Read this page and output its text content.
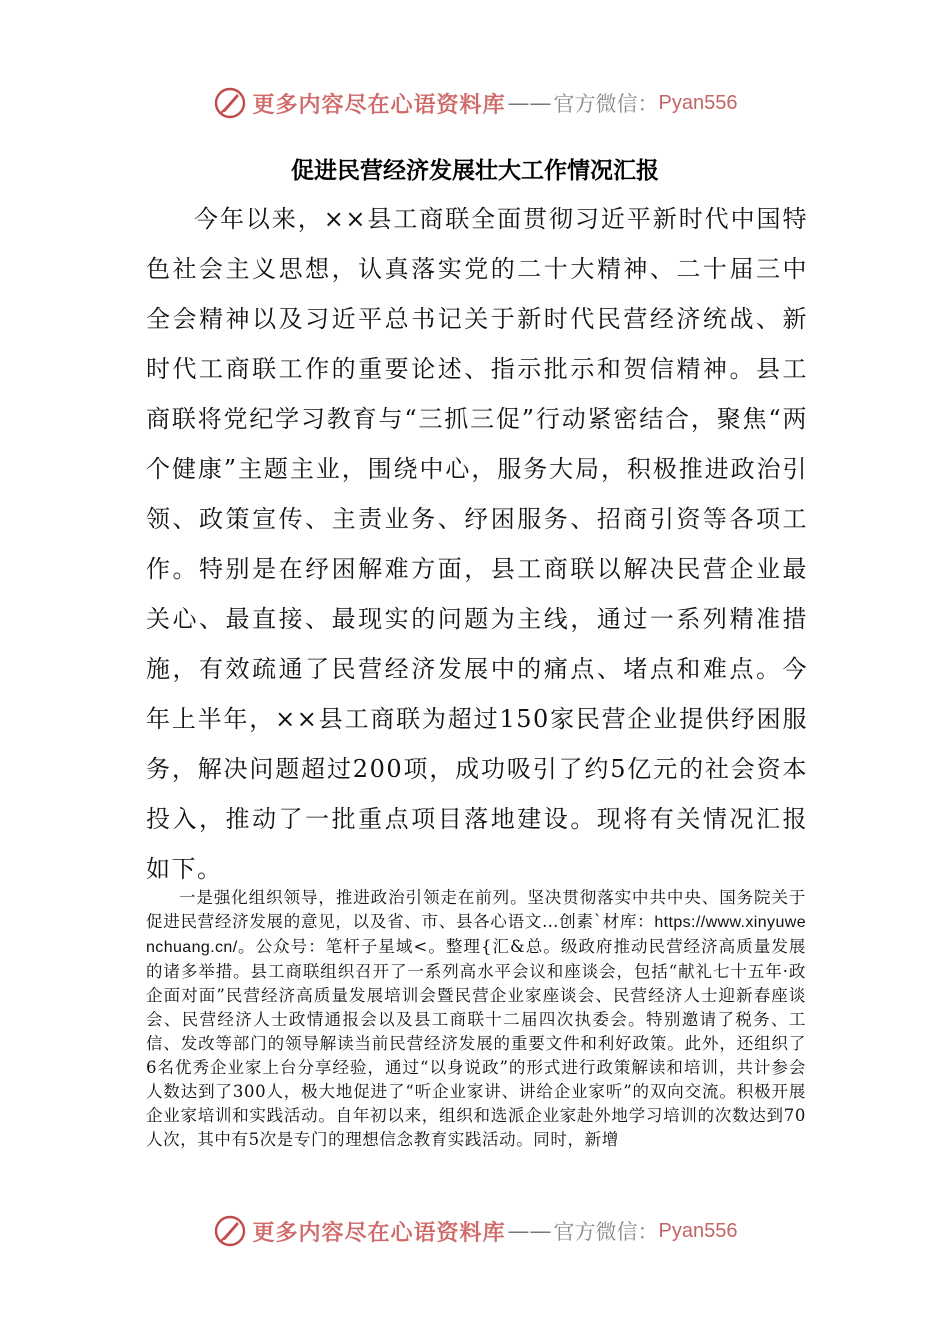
更多内容尽在心语资料库 —— 官方微信： Pyan556
促进民营经济发展壮大工作情况汇报

今年以来，××县工商联全面贯彻习近平新时代中国特色社会主义思想，认真落实党的二十大精神、二十届三中全会精神以及习近平总书记关于新时代民营经济统战、新时代工商联工作的重要论述、指示批示和贺信精神。县工商联将党纪学习教育与“三抓三促”行动紧密结合，聚焦“两个健康”主题主业，围绕中心，服务大局，积极推进政治引领、政策宣传、主责业务、纾困服务、招商引资等各项工作。特别是在纾困解难方面，县工商联以解决民营企业最关心、最直接、最现实的问题为主线，通过一系列精准措施，有效疏通了民营经济发展中的痛点、堵点和难点。今年上半年，××县工商联为超过150家民营企业提供纾困服务，解决问题超过200项，成功吸引了约5亿元的社会资本投入，推动了一批重点项目落地建设。现将有关情况汇报如下。

一是强化组织领导，推进政治引领走在前列。坚决贯彻落实中共中央、国务院关于促进民营经济发展的意见，以及省、市、县各心语文…创素`材库：https://www.xinyuwenchuang.cn/。公众号：笔杆子星域<。整理{汇&总。级政府推动民营经济高质量发展的诸多举措。县工商联组织召开了一系列高水平会议和座谈会，包括“献礼七十五年·政企面对面”民营经济高质量发展培训会暨民营企业家座谈会、民营经济人士迎新春座谈会、民营经济人士政情通报会以及县工商联十二届四次执委会。特别邀请了税务、工信、发改等部门的领导解读当前民营经济发展的重要文件和利好政策。此外，还组织了6名优秀企业家上台分享经验，通过“以身说政”的形式进行政策解读和培训，共计参会人数达到了300人，极大地促进了“听企业家讲、讲给企业家听”的双向交流。积极开展企业家培训和实践活动。自年初以来，组织和选派企业家赴外地学习培训的次数达到70人次，其中有5次是专门的理想信念教育实践活动。同时，新增

更多内容尽在心语资料库 —— 官方微信： Pyan556
